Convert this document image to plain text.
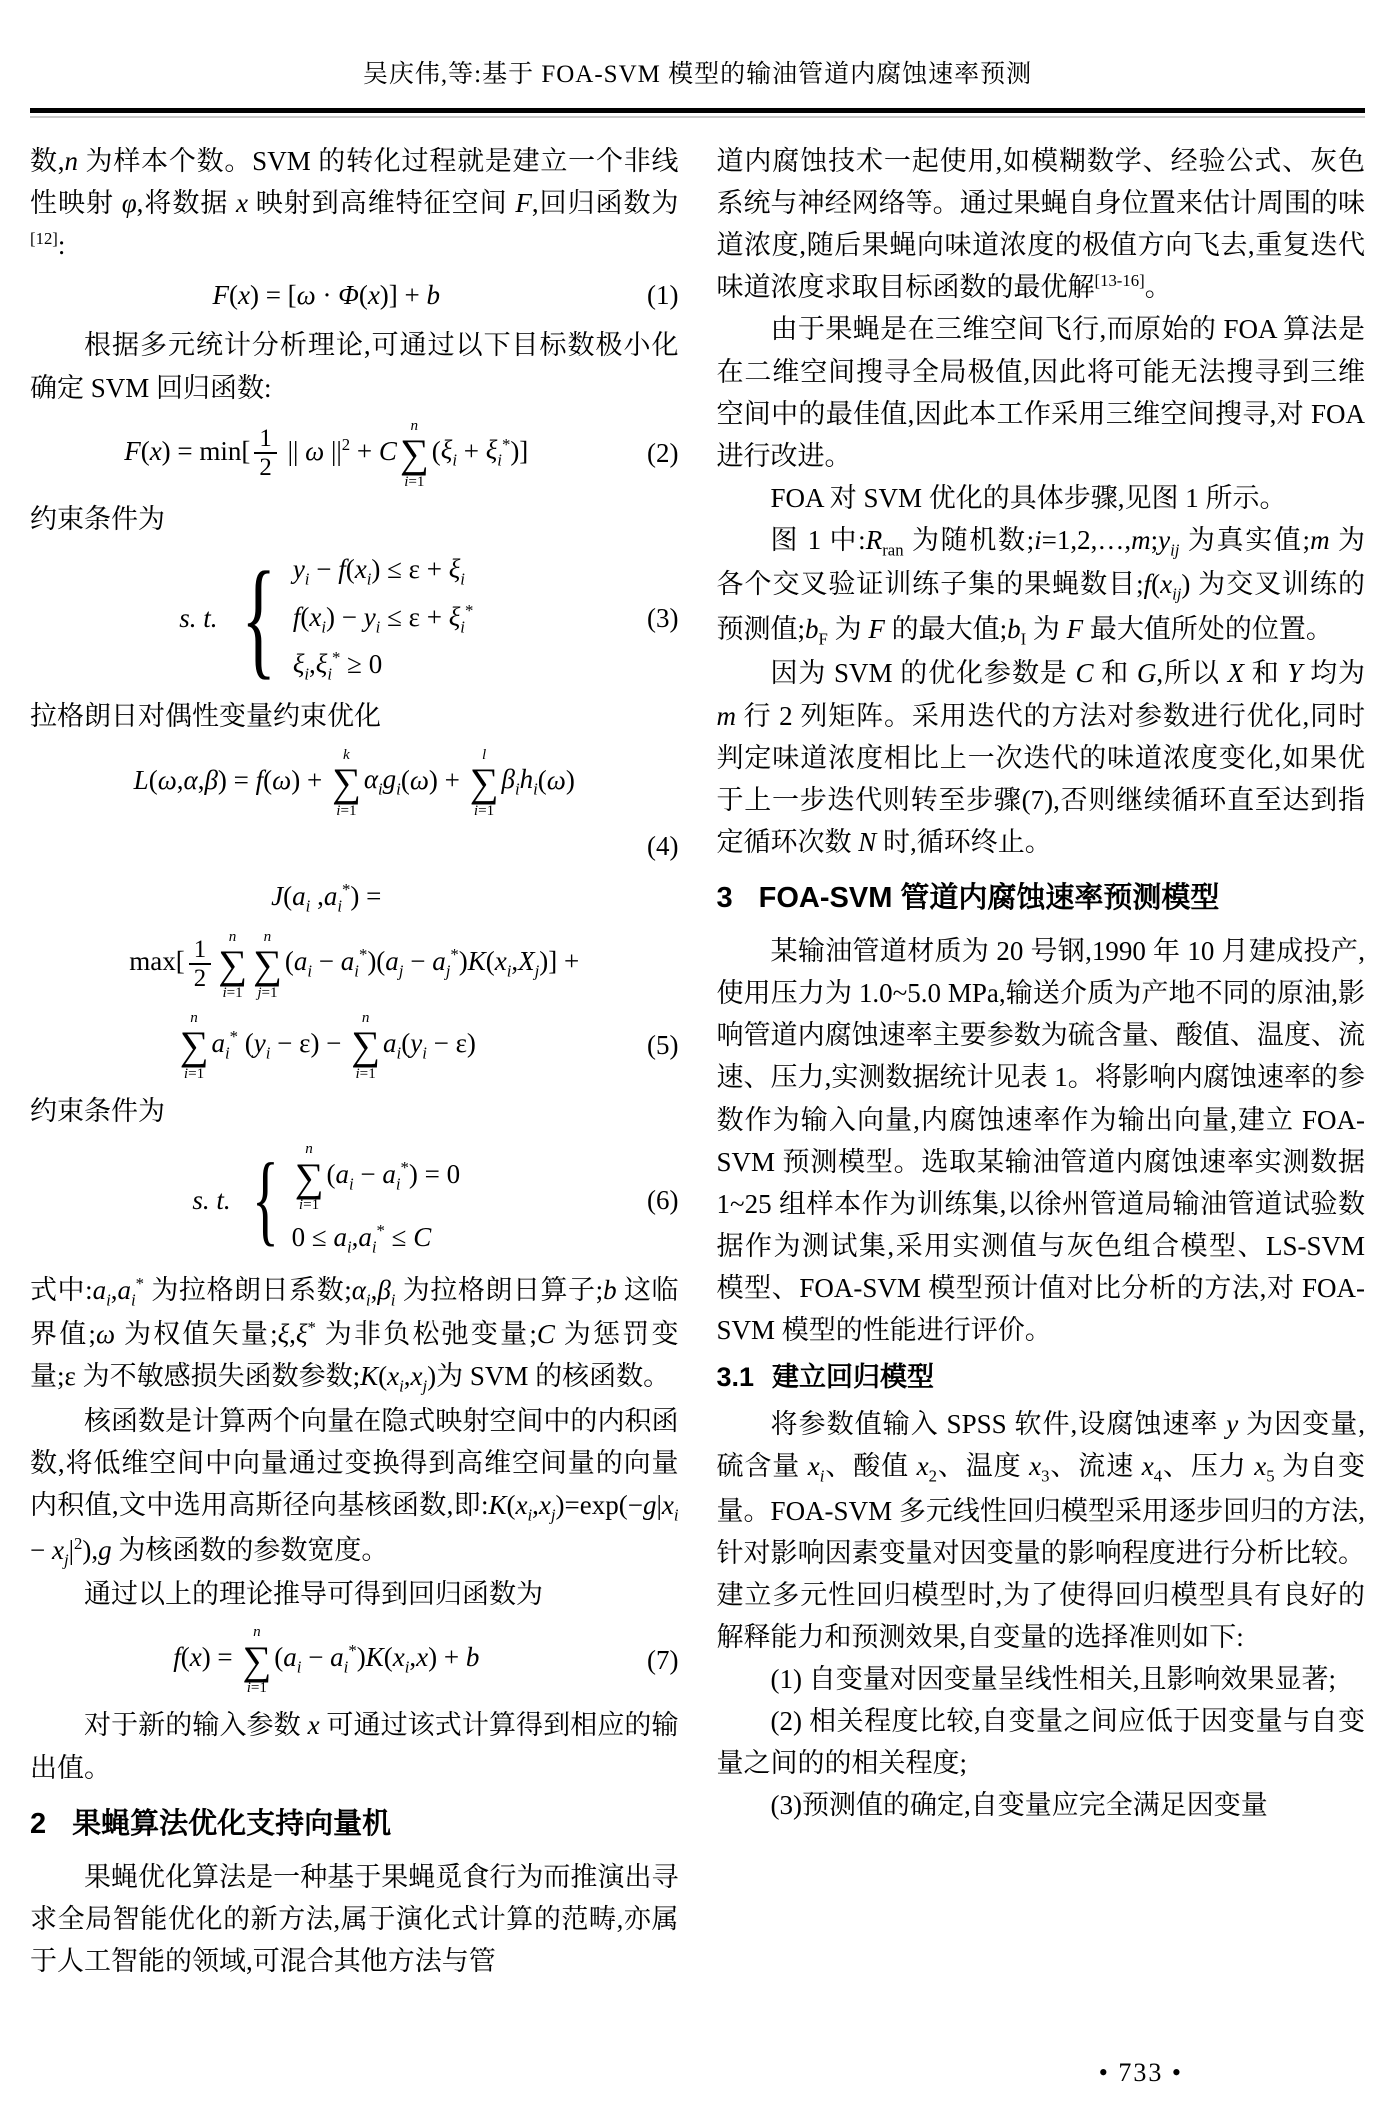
吴庆伟,等:基于 FOA-SVM 模型的输油管道内腐蚀速率预测

数,n 为样本个数。SVM 的转化过程就是建立一个非线性映射 φ,将数据 x 映射到高维特征空间 F,回归函数为[12]:

F(x) = [ω · Φ(x)] + b	(1)

根据多元统计分析理论,可通过以下目标数极小化确定 SVM 回归函数:

$F(x) = \min[ \frac{1}{2}$ || ω $||^2 + C$
n
∑
i=1
$(\xi_i + \xi_i^*)$]	(2)

约束条件为

s. t. { $y_i - f(x_i) \le \varepsilon + \xi_i$
$f(x_i) - y_i \le \varepsilon + \xi_i^*$
$\xi_i,\xi_i^* \ge 0$
(3)

拉格朗日对偶性变量约束优化

L(ω,α,β) = f(ω) +
k
∑
i=1
$\alpha_ig_i(\omega)$ +
l
∑
i=1
$\beta_ih_i(\omega)$
(4)
$J(a_i$ $,a_i^*$) =
$\max[ \frac{1}{2}$ n
∑
i=1
n
∑
j=1
$(a_i - a_i^*)(a_j - a_j^*)K(x_i,X_j)$] +
n
∑
i=1
$a_i^*$ $(y_i - \varepsilon)$ −
n
∑
i=1
$a_i(y_i - \varepsilon)$	(5)

约束条件为

s. t. { n
∑
i=1
$(a_i - a_i^*) = 0$
$0 \le a_i,a_i^* \le C$
(6)

式中$:a_i,a_i^*$ 为拉格朗日系数$;\alpha_i,\beta_i$ 为拉格朗日算子;b 这临界值;ω 为权值矢量;ξ,ξ* 为非负松弛变量;C 为惩罚变量;ε 为不敏感损失函数参数$;K(x_i,x_j)$为 SVM 的核函数。

核函数是计算两个向量在隐式映射空间中的内积函数,将低维空间中向量通过变换得到高维空间量的向量内积值,文中选用高斯径向基核函数,即$:K(x_i,x_j)=\exp(-g|x_i - x_j|^2),g$ 为核函数的参数宽度。

通过以上的理论推导可得到回归函数为

f(x) =
n
∑
i=1
$(a_i - a_i^*)K(x_i,x) + b$	(7)

对于新的输入参数 x 可通过该式计算得到相应的输出值。

2 果蝇算法优化支持向量机

果蝇优化算法是一种基于果蝇觅食行为而推演出寻求全局智能优化的新方法,属于演化式计算的范畴,亦属于人工智能的领域,可混合其他方法与管

道内腐蚀技术一起使用,如模糊数学、经验公式、灰色系统与神经网络等。通过果蝇自身位置来估计周围的味道浓度,随后果蝇向味道浓度的极值方向飞去,重复迭代味道浓度求取目标函数的最优解[13-16]。

由于果蝇是在三维空间飞行,而原始的 FOA 算法是在二维空间搜寻全局极值,因此将可能无法搜寻到三维空间中的最佳值,因此本工作采用三维空间搜寻,对 FOA 进行改进。

FOA 对 SVM 优化的具体步骤,见图 1 所示。

图 1 中$:R_{ran}$ 为随机数$;i=1,2,\dots,m;y_{ij}$ 为真实值;m 为各个交叉验证训练子集的果蝇数目$;f(x_{ij})$ 为交叉训练的预测值$;b_F$ 为 F 的最大值$;b_I$ 为 F 最大值所处的位置。

因为 SVM 的优化参数是 C 和 G,所以 X 和 Y 均为 m 行 2 列矩阵。采用迭代的方法对参数进行优化,同时判定味道浓度相比上一次迭代的味道浓度变化,如果优于上一步迭代则转至步骤(7),否则继续循环直至达到指定循环次数 N 时,循环终止。

3 FOA-SVM 管道内腐蚀速率预测模型

某输油管道材质为 20 号钢,1990 年 10 月建成投产,使用压力为 1.0~5.0 MPa,输送介质为产地不同的原油,影响管道内腐蚀速率主要参数为硫含量、酸值、温度、流速、压力,实测数据统计见表 1。将影响内腐蚀速率的参数作为输入向量,内腐蚀速率作为输出向量,建立 FOA-SVM 预测模型。选取某输油管道内腐蚀速率实测数据 1~25 组样本作为训练集,以徐州管道局输油管道试验数据作为测试集,采用实测值与灰色组合模型、LS-SVM 模型、FOA-SVM 模型预计值对比分析的方法,对 FOA-SVM 模型的性能进行评价。

3.1 建立回归模型

将参数值输入 SPSS 软件,设腐蚀速率 y 为因变量,硫含量 $x_i$、酸值 $x_2$、温度 $x_3$、流速 $x_4$、压力 $x_5$ 为自变量。FOA-SVM 多元线性回归模型采用逐步回归的方法,针对影响因素变量对因变量的影响程度进行分析比较。建立多元性回归模型时,为了使得回归模型具有良好的解释能力和预测效果,自变量的选择准则如下:

(1) 自变量对因变量呈线性相关,且影响效果显著;

(2) 相关程度比较,自变量之间应低于因变量与自变量之间的的相关程度;

(3)预测值的确定,自变量应完全满足因变量

• 733 •
